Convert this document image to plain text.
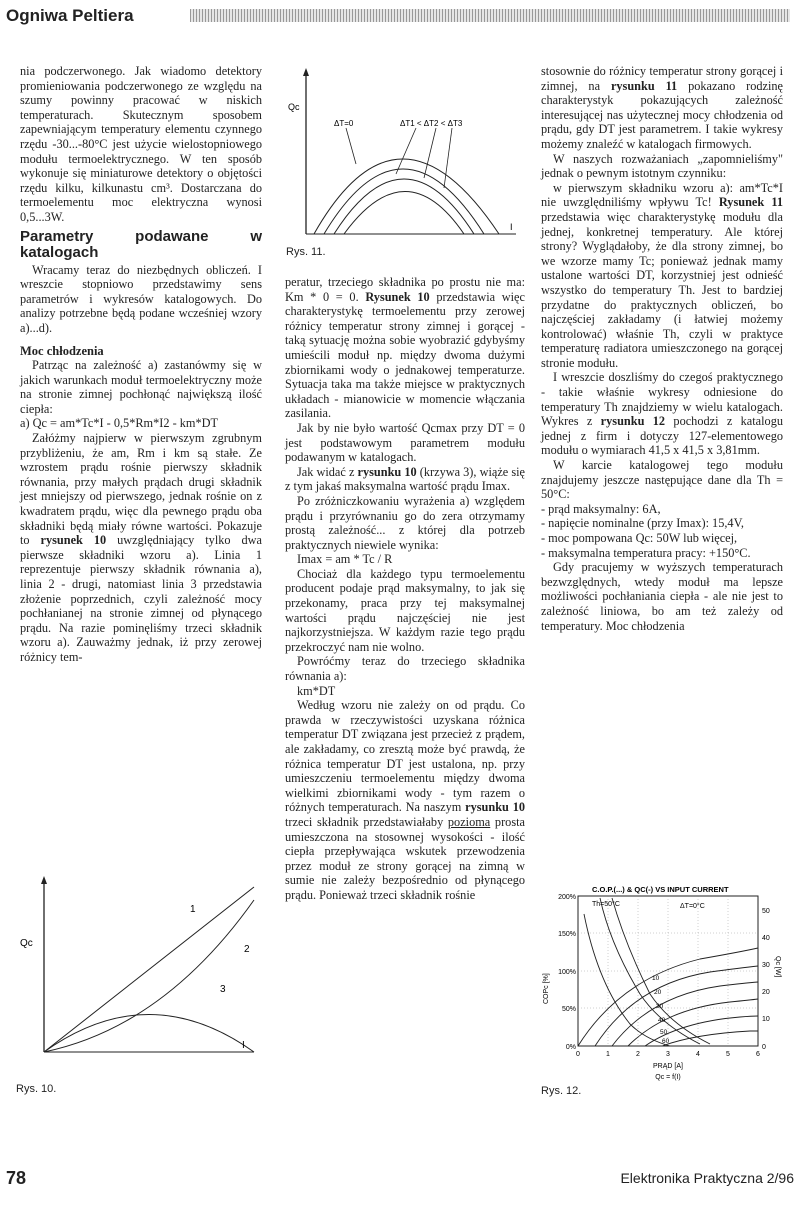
Ogniwa Peltiera

nia podczerwonego. Jak wiadomo detektory promieniowania podczerwonego ze względu na szumy powinny pracować w niskich temperaturach. Skutecznym sposobem zapewniającym temperatury elementu czynnego rzędu -30...-80°C jest użycie wielostopniowego modułu termoelektrycznego. W ten sposób wykonuje się miniaturowe detektory o objętości rzędu kilku, kilkunastu cm³. Dostarczana do termoelementu moc elektryczna wynosi 0,5...3W.

Parametry podawane w katalogach

Wracamy teraz do niezbędnych obliczeń. I wreszcie stopniowo przedstawimy sens parametrów i wykresów katalogowych. Do analizy potrzebne będą podane wcześniej wzory a)...d).

Moc chłodzenia

Patrząc na zależność a) zastanówmy się w jakich warunkach moduł termoelektryczny może na stronie zimnej pochłonąć największą ilość ciepła:

a) Qc = am*Tc*I - 0,5*Rm*I2 - km*DT

Załóżmy najpierw w pierwszym zgrubnym przybliżeniu, że am, Rm i km są stałe. Ze wzrostem prądu rośnie pierwszy składnik równania, przy małych prądach drugi składnik jest mniejszy od pierwszego, jednak rośnie on z kwadratem prądu, więc dla pewnego prądu oba składniki będą miały równe wartości. Pokazuje to rysunek 10 uwzględniający tylko dwa pierwsze składniki wzoru a). Linia 1 reprezentuje pierwszy składnik równania a), linia 2 - drugi, natomiast linia 3 przedstawia złożenie poprzednich, czyli zależność mocy pochłanianej na stronie zimnej od płynącego prądu. Na razie pominęliśmy trzeci składnik wzoru a). Zauważmy jednak, iż przy zerowej różnicy tem-

Qc
I
1
2
3
Rys. 10.

peratur, trzeciego składnika po prostu nie ma: Km * 0 = 0. Rysunek 10 przedstawia więc charakterystykę termoelementu przy zerowej różnicy temperatur strony zimnej i gorącej - taką sytuację można sobie wyobrazić gdybyśmy umieścili moduł np. między dwoma dużymi zbiornikami wody o jednakowej temperaturze. Sytuacja taka ma także miejsce w praktycznych układach - mianowicie w momencie włączania zasilania.

Jak by nie było wartość Qcmax przy DT = 0 jest podstawowym parametrem modułu podawanym w katalogach.

Jak widać z rysunku 10 (krzywa 3), wiąże się z tym jakaś maksymalna wartość prądu Imax.

Po zróżniczkowaniu wyrażenia a) względem prądu i przyrównaniu go do zera otrzymamy prostą zależność... z której dla potrzeb praktycznych niewiele wynika:

Imax = am * Tc / R

Chociaż dla każdego typu termoelementu producent podaje prąd maksymalny, to jak się przekonamy, praca przy tej maksymalnej wartości prądu najczęściej nie jest najkorzystniejsza. W każdym razie tego prądu przekroczyć nam nie wolno.

Powróćmy teraz do trzeciego składnika równania a):

km*DT

Według wzoru nie zależy on od prądu. Co prawda w rzeczywistości uzyskana różnica temperatur DT związana jest przecież z prądem, ale zakładamy, co zresztą może być prawdą, że różnica temperatur DT jest ustalona, np. przy umieszczeniu termoelementu między dwoma wielkimi zbiornikami wody - tym razem o różnych temperaturach. Na naszym rysunku 10 trzeci składnik przedstawiałaby pozioma prosta umieszczona na stosownej wysokości - ilość ciepła przepływająca wskutek przewodzenia przez moduł ze strony gorącej na zimną w sumie nie zależy bezpośrednio od płynącego prądu. Ponieważ trzeci składnik rośnie

Qc
I
ΔT=0	ΔT1 < ΔT2 < ΔT3
Rys. 11.

stosownie do różnicy temperatur strony gorącej i zimnej, na rysunku 11 pokazano rodzinę charakterystyk pokazujących zależność interesującej nas użytecznej mocy chłodzenia od prądu, gdy DT jest parametrem. I takie wykresy możemy znaleźć w katalogach firmowych.

W naszych rozważaniach „zapomnieliśmy" jednak o pewnym istotnym czynniku:

w pierwszym składniku wzoru a): am*Tc*I nie uwzględniliśmy wpływu Tc! Rysunek 11 przedstawia więc charakterystykę modułu dla jednej, konkretnej temperatury. Ale której strony? Wyglądałoby, że dla strony zimnej, bo we wzorze mamy Tc; ponieważ jednak mamy ustalone wartości DT, korzystniej jest odnieść wszystko do temperatury Th. Jest to bardziej przydatne do praktycznych obliczeń, bo najczęściej zakładamy (i łatwiej możemy kontrolować) właśnie Th, czyli w praktyce temperaturę radiatora umieszczonego na gorącej stronie modułu.

I wreszcie doszliśmy do czegoś praktycznego - takie właśnie wykresy odniesione do temperatury Th znajdziemy w wielu katalogach. Wykres z rysunku 12 pochodzi z katalogu jednej z firm i dotyczy 127-elementowego modułu o wymiarach 41,5 x 41,5 x 3,81mm.

W karcie katalogowej tego modułu znajdujemy jeszcze następujące dane dla Th = 50°C:

- prąd maksymalny: 6A,
- napięcie nominalne (przy Imax): 15,4V,
- moc pompowana Qc: 50W lub więcej,
- maksymalna temperatura pracy: +150°C.

Gdy pracujemy w wyższych temperaturach bezwzględnych, wtedy moduł ma lepsze możliwości pochłaniania ciepła - ale nie jest to zależność liniowa, bo am też zależy od temperatury. Moc chłodzenia

C.O.P.(...) & QC(-) VS INPUT CURRENT
Th=50°C	ΔT=0°C
10
20
30
40
50
60
200%
150%
100%
50%
0%
50
40
30
20
10
0
0	1	2	3	4	5	6
PRĄD [A]
Qc = f(I)
COPc [%]
Qc [W]
Rys. 12.
78	Elektronika Praktyczna 2/96
